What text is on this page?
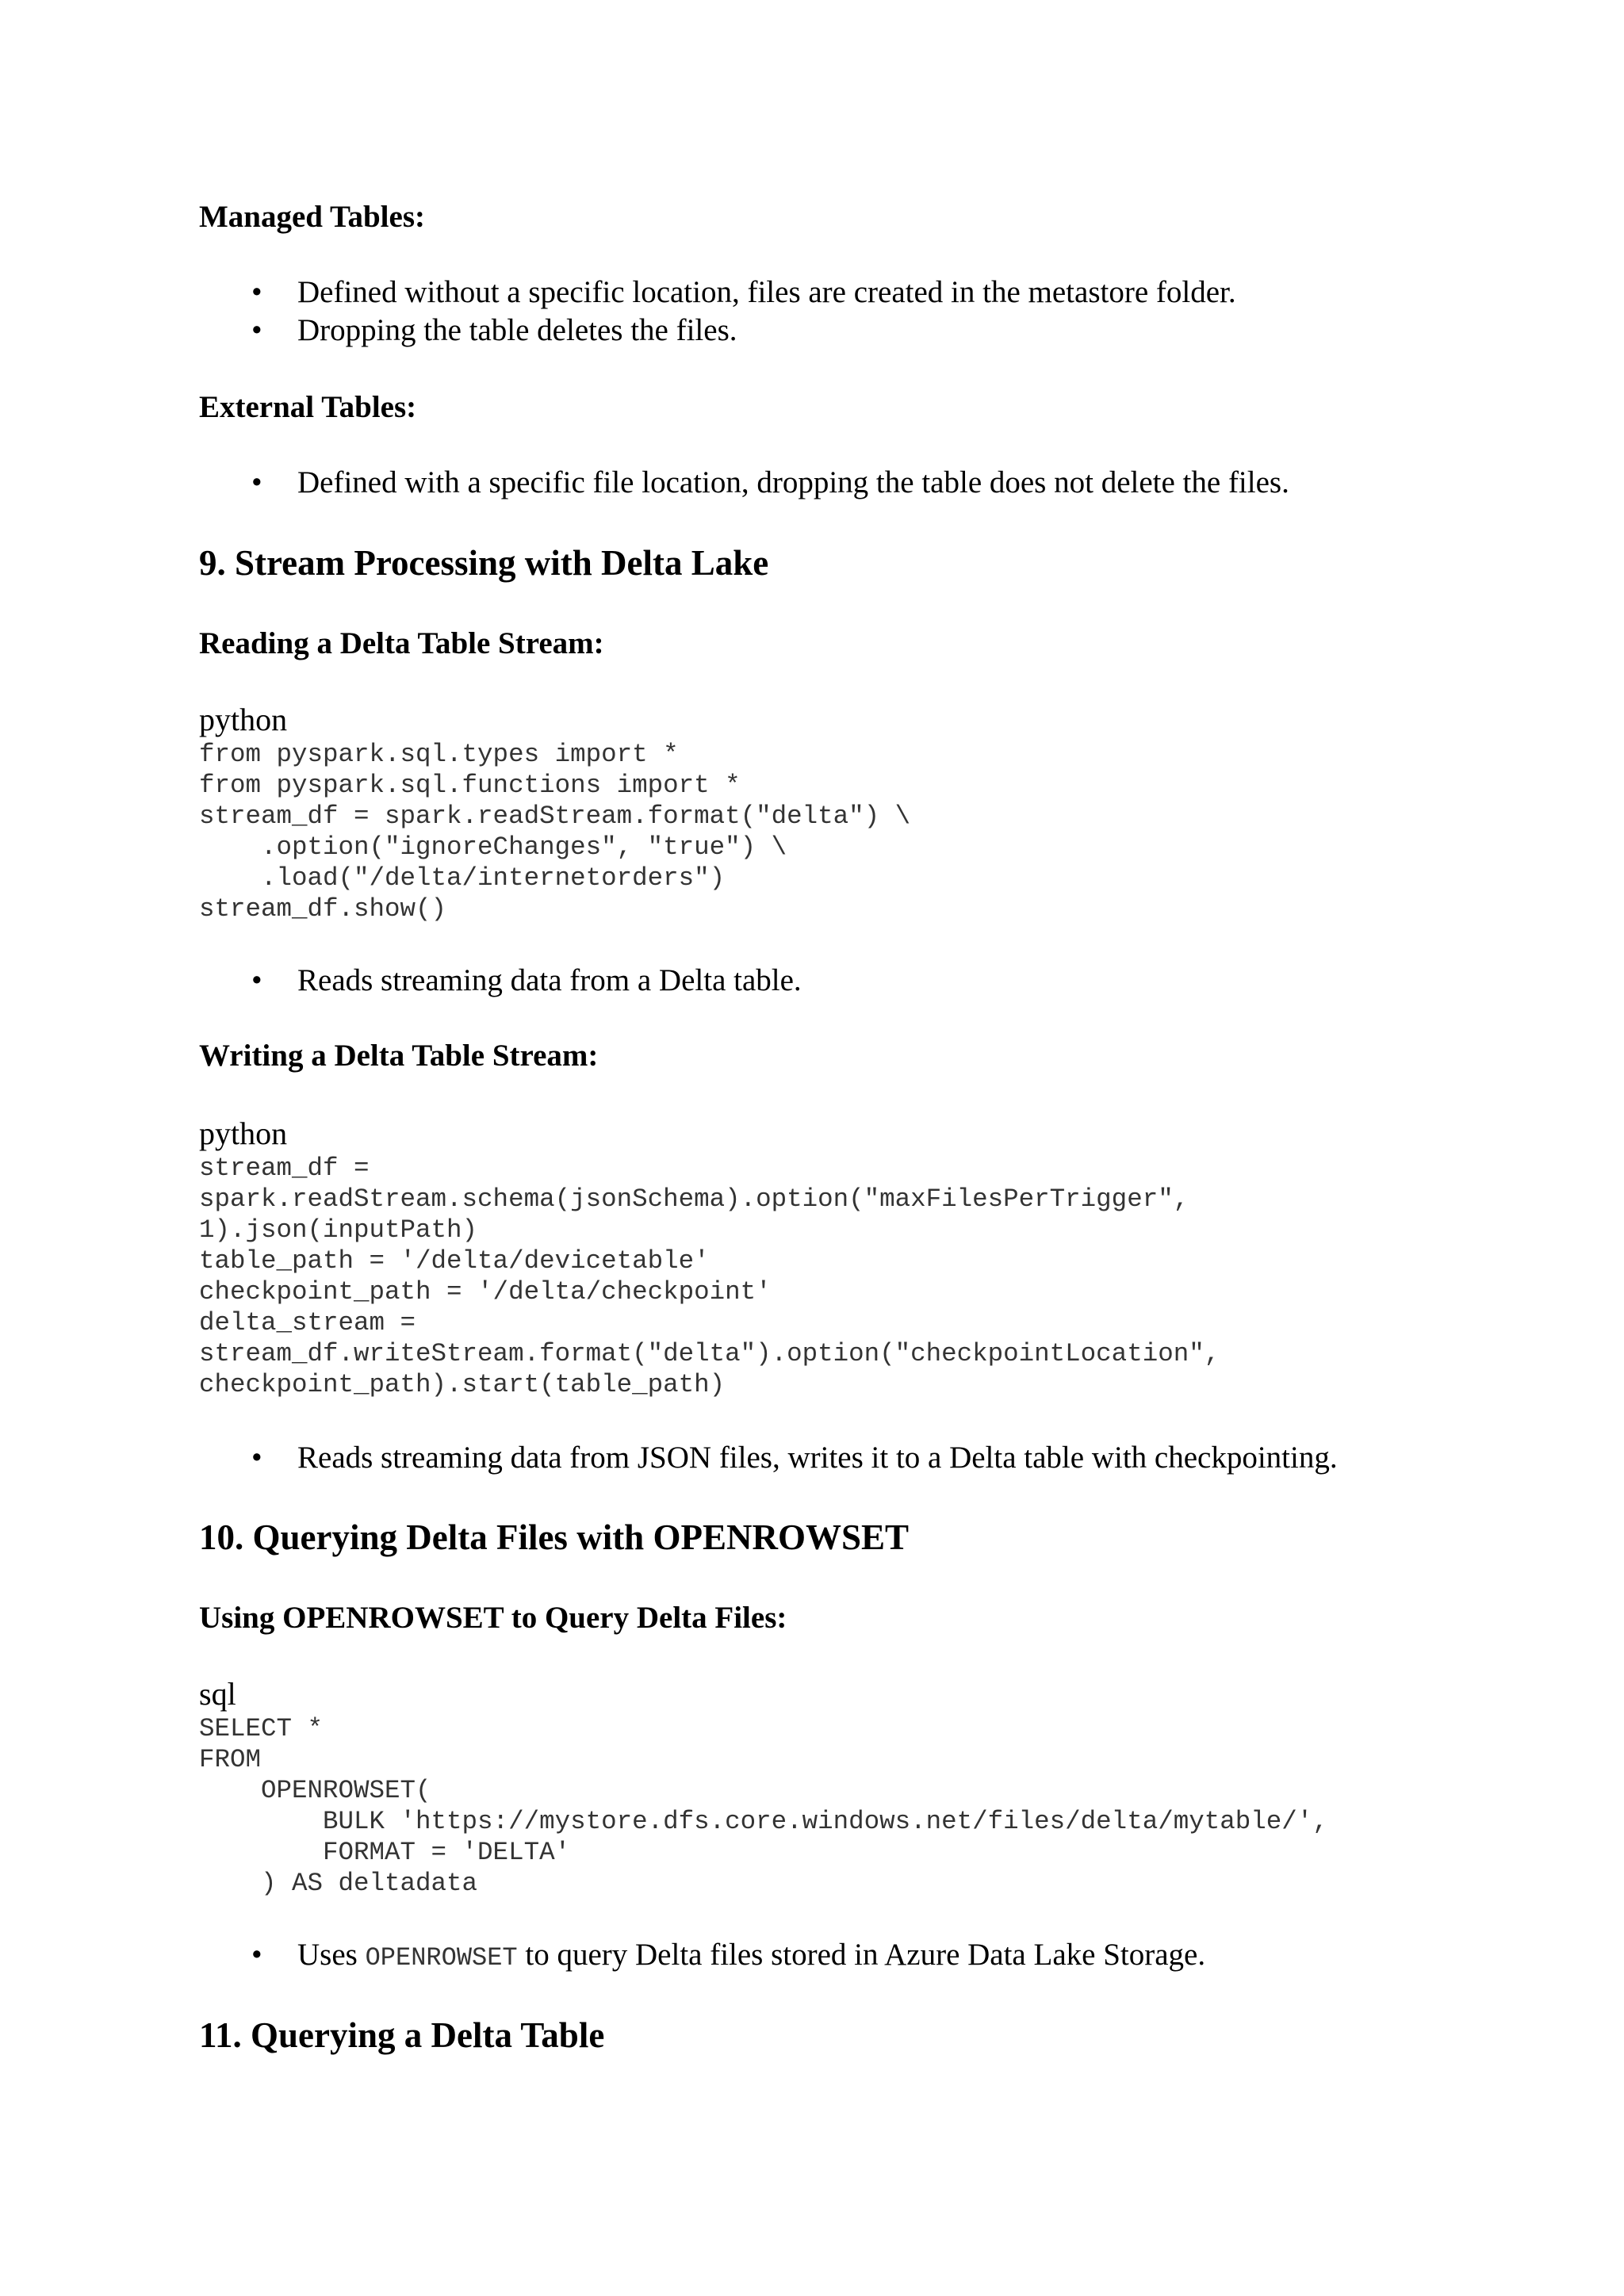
Managed Tables:
• Defined without a specific location, files are created in the metastore folder.
• Dropping the table deletes the files.
External Tables:
• Defined with a specific file location, dropping the table does not delete the files.
9. Stream Processing with Delta Lake
Reading a Delta Table Stream:
python
from pyspark.sql.types import *
from pyspark.sql.functions import *
stream_df = spark.readStream.format("delta") \
.option("ignoreChanges", "true") \
.load("/delta/internetorders")
stream_df.show()
• Reads streaming data from a Delta table.
Writing a Delta Table Stream:
python
stream_df =
spark.readStream.schema(jsonSchema).option("maxFilesPerTrigger",
1).json(inputPath)
table_path = '/delta/devicetable'
checkpoint_path = '/delta/checkpoint'
delta_stream =
stream_df.writeStream.format("delta").option("checkpointLocation",
checkpoint_path).start(table_path)
• Reads streaming data from JSON files, writes it to a Delta table with checkpointing.
10. Querying Delta Files with OPENROWSET
Using OPENROWSET to Query Delta Files:
sql
SELECT *
FROM
OPENROWSET(
BULK 'https://mystore.dfs.core.windows.net/files/delta/mytable/',
FORMAT = 'DELTA'
) AS deltadata
• Uses OPENROWSET to query Delta files stored in Azure Data Lake Storage.
11. Querying a Delta Table
